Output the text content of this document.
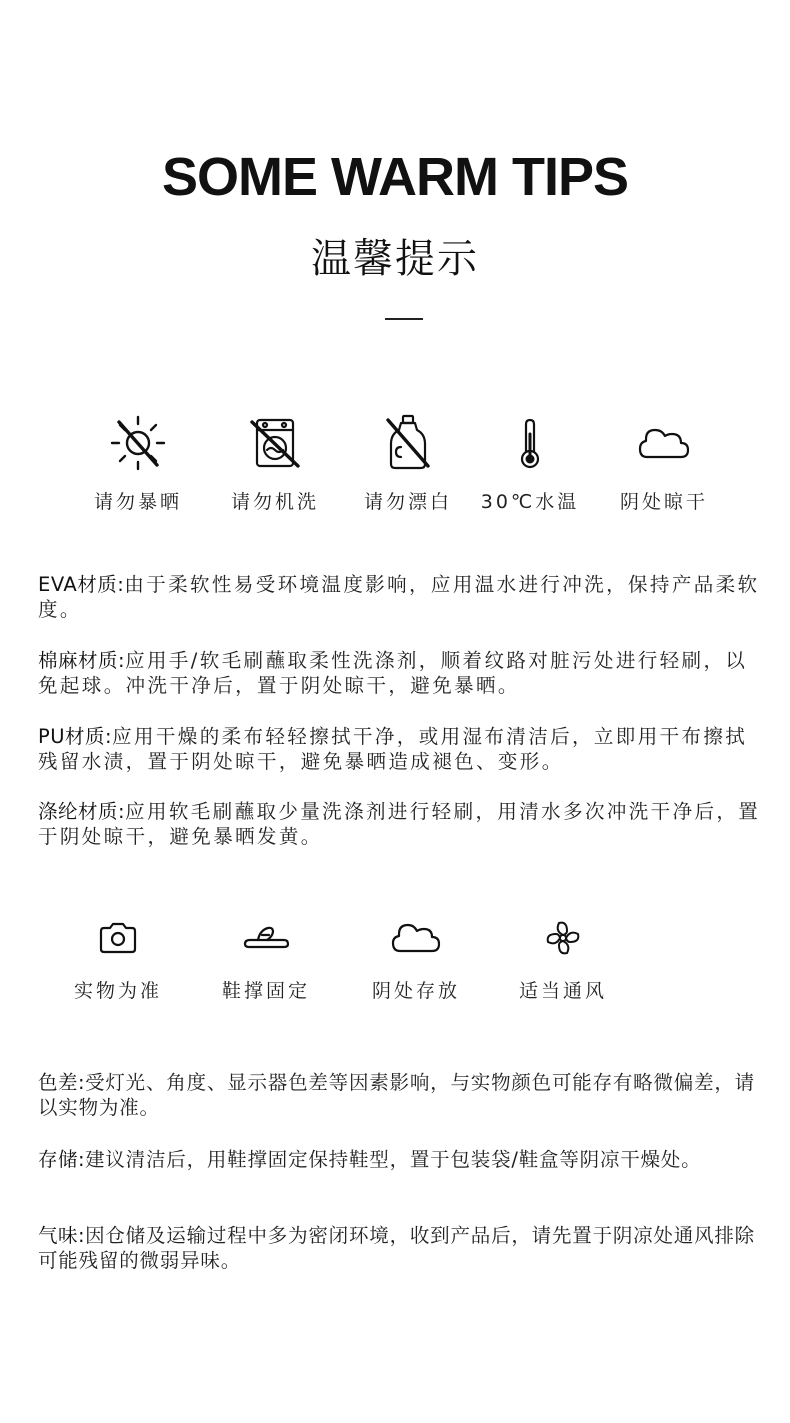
SOME WARM TIPS
温馨提示
请勿暴晒	请勿机洗	请勿漂白	30℃水温	阴处晾干

EVA材质:由于柔软性易受环境温度影响，应用温水进行冲洗，保持产品柔软度。

棉麻材质:应用手/软毛刷蘸取柔性洗涤剂，顺着纹路对脏污处进行轻刷，以免起球。冲洗干净后，置于阴处晾干，避免暴晒。

PU材质:应用干燥的柔布轻轻擦拭干净，或用湿布清洁后，立即用干布擦拭残留水渍，置于阴处晾干，避免暴晒造成褪色、变形。

涤纶材质:应用软毛刷蘸取少量洗涤剂进行轻刷，用清水多次冲洗干净后，置于阴处晾干，避免暴晒发黄。

实物为准	鞋撑固定	阴处存放	适当通风

色差:受灯光、角度、显示器色差等因素影响，与实物颜色可能存有略微偏差，请以实物为准。

存储:建议清洁后，用鞋撑固定保持鞋型，置于包装袋/鞋盒等阴凉干燥处。

气味:因仓储及运输过程中多为密闭环境，收到产品后，请先置于阴凉处通风排除可能残留的微弱异味。
